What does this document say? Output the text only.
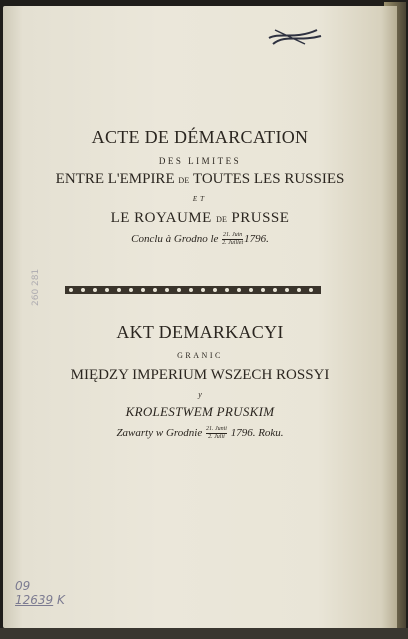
ACTE DE DÉMARCATION
DES LIMITES
ENTRE L'EMPIRE DE TOUTES LES RUSSIES
ET
LE ROYAUME DE PRUSSE
Conclu à Grodno le $\frac{\text{21. Juin}}{\text{2. Juillet}} 1796$.
AKT DEMARKACYI
GRANIC
MIĘDZY IMPERIUM WSZECH ROSSYI
y
KROLESTWEM PRUSKIM
Zawarty w Grodnie $\frac{\text{21. Junii}}{\text{2. Julii}} 1796$. Roku.
260 281
09
12639 K
